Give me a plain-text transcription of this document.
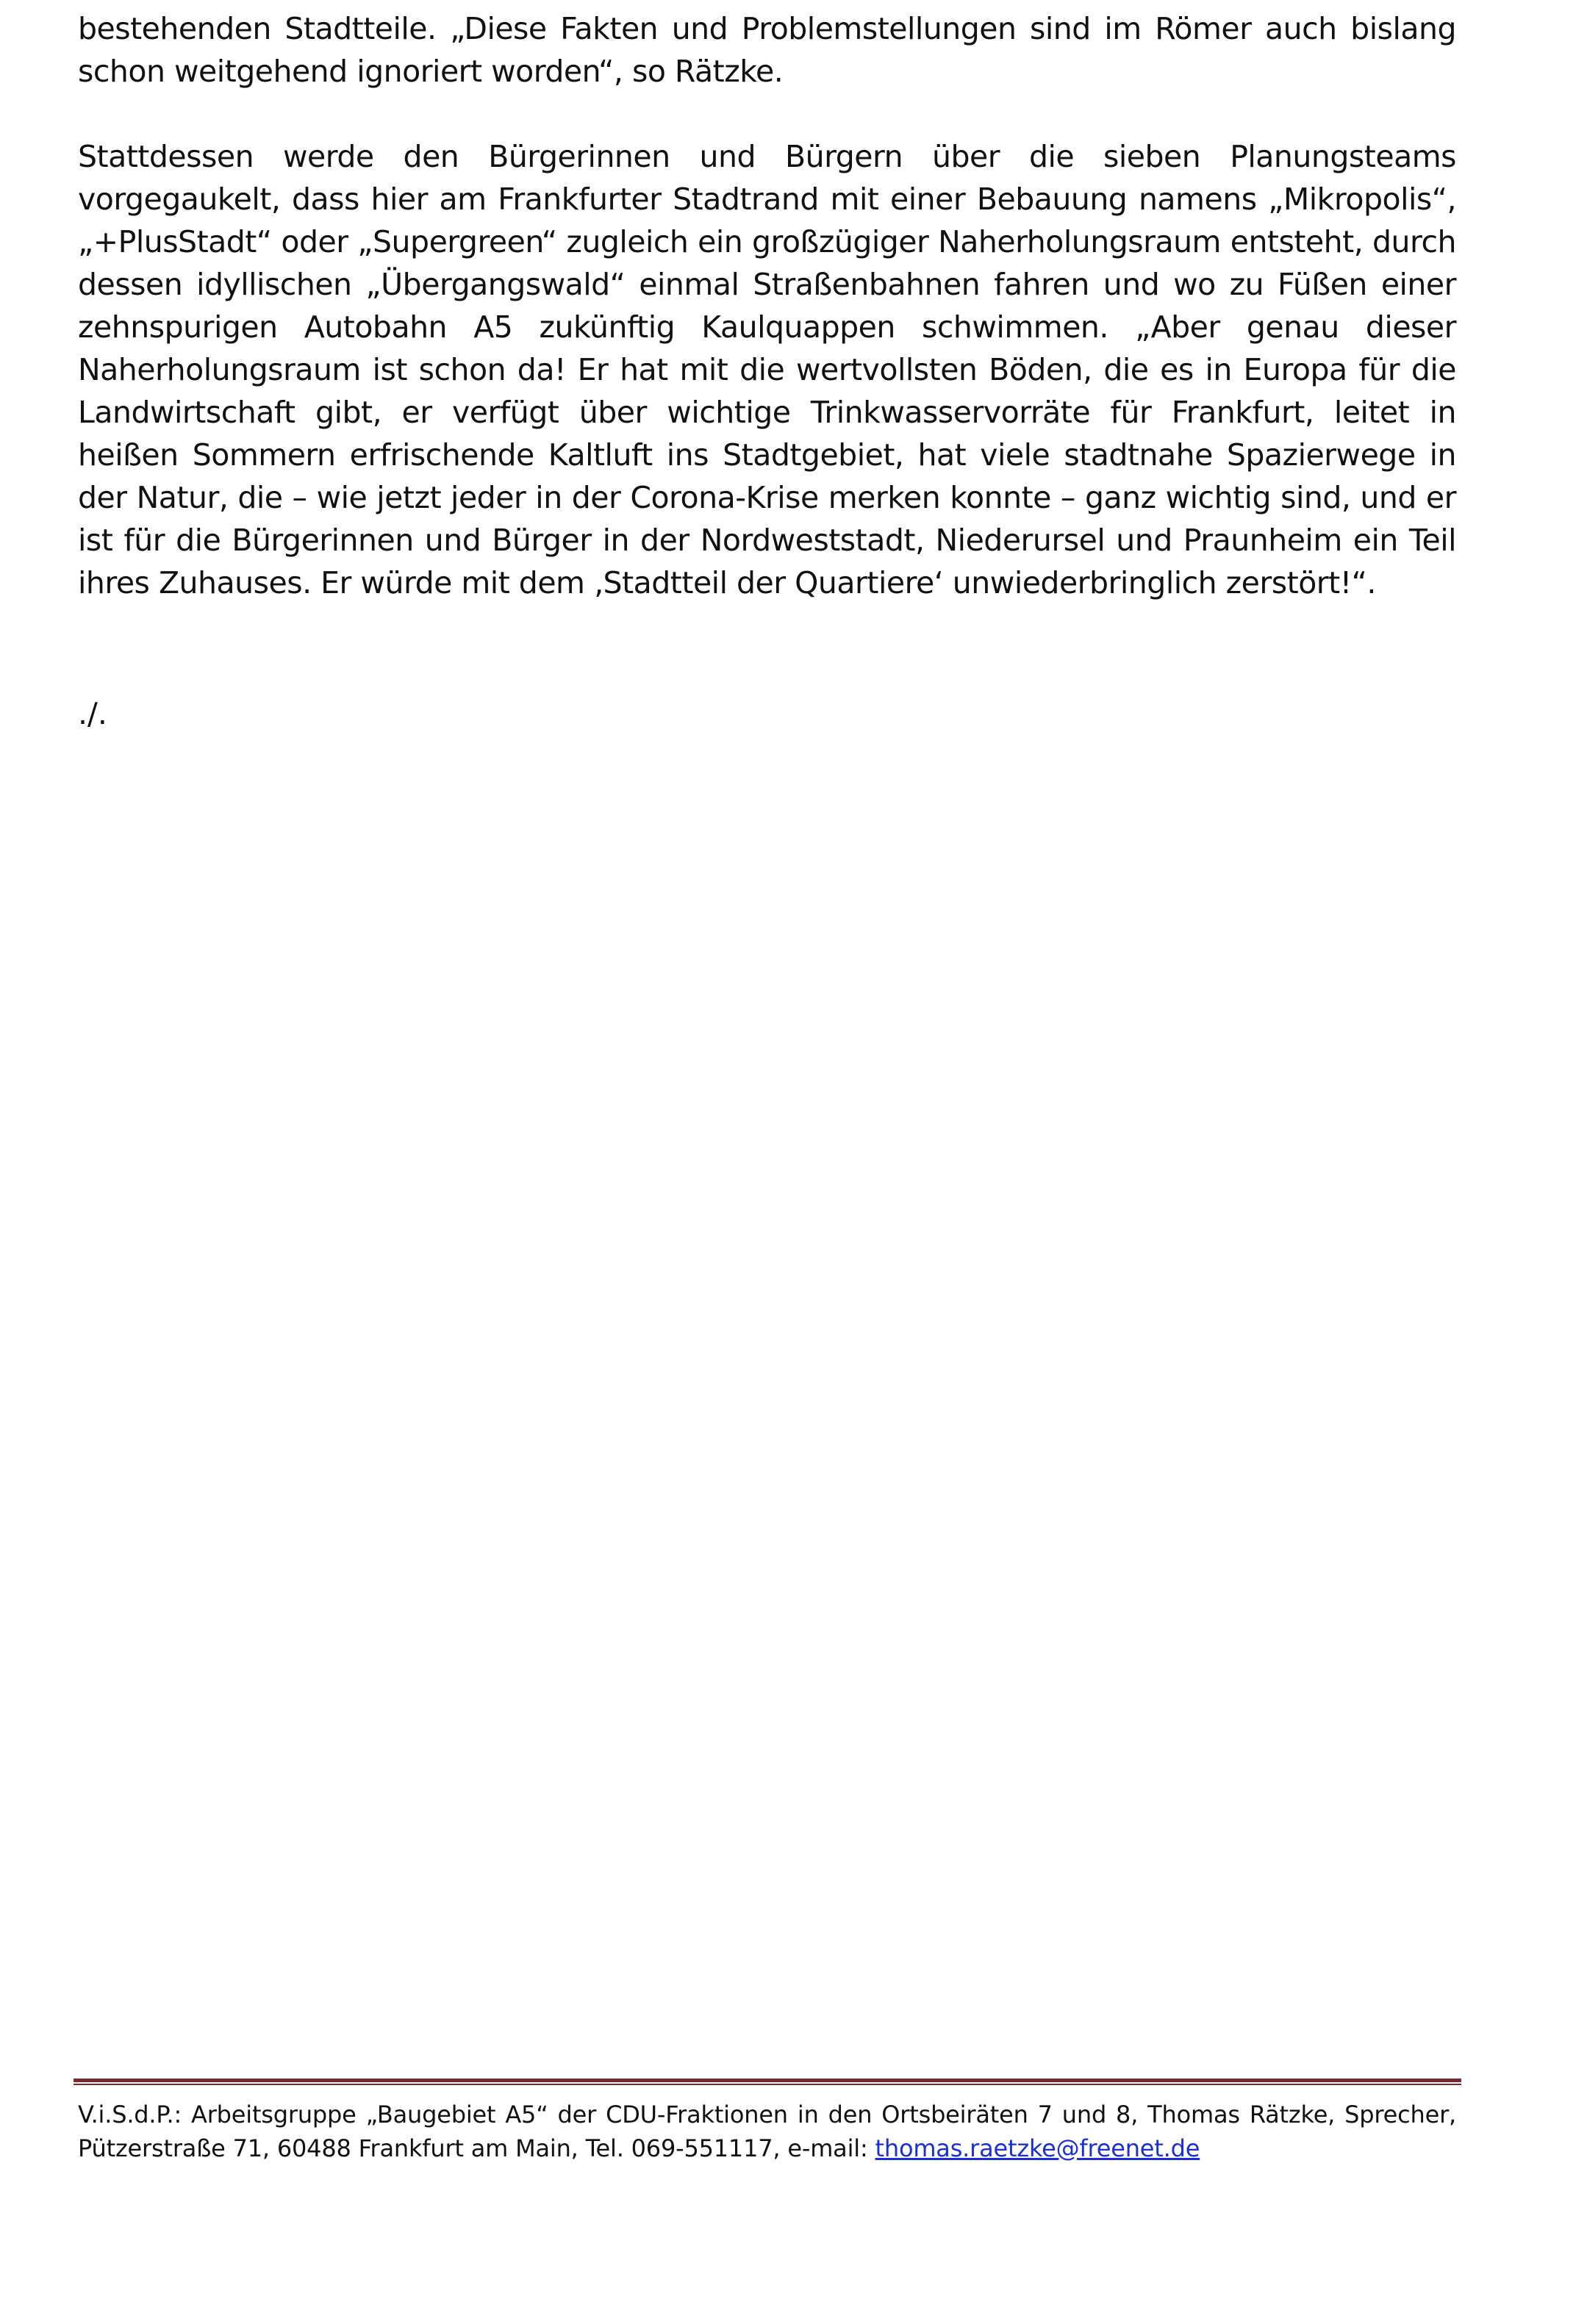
bestehenden Stadtteile. „Diese Fakten und Problemstellungen sind im Römer auch bislang schon weitgehend ignoriert worden“, so Rätzke.

Stattdessen werde den Bürgerinnen und Bürgern über die sieben Planungsteams vorgegaukelt, dass hier am Frankfurter Stadtrand mit einer Bebauung namens „Mikropolis“, „+PlusStadt“ oder „Supergreen“ zugleich ein großzügiger Naherholungsraum entsteht, durch dessen idyllischen „Übergangswald“ einmal Straßenbahnen fahren und wo zu Füßen einer zehnspurigen Autobahn A5 zukünftig Kaulquappen schwimmen. „Aber genau dieser Naherholungsraum ist schon da! Er hat mit die wertvollsten Böden, die es in Europa für die Landwirtschaft gibt, er verfügt über wichtige Trinkwasservorräte für Frankfurt, leitet in heißen Sommern erfrischende Kaltluft ins Stadtgebiet, hat viele stadtnahe Spazierwege in der Natur, die – wie jetzt jeder in der Corona-Krise merken konnte – ganz wichtig sind, und er ist für die Bürgerinnen und Bürger in der Nordweststadt, Niederursel und Praunheim ein Teil ihres Zuhauses. Er würde mit dem ‚Stadtteil der Quartiere‘ unwiederbringlich zerstört!“.

./.

V.i.S.d.P.: Arbeitsgruppe „Baugebiet A5“ der CDU-Fraktionen in den Ortsbeiräten 7 und 8, Thomas Rätzke, Sprecher, Pützerstraße 71, 60488 Frankfurt am Main, Tel. 069-551117, e-mail: thomas.raetzke@freenet.de
